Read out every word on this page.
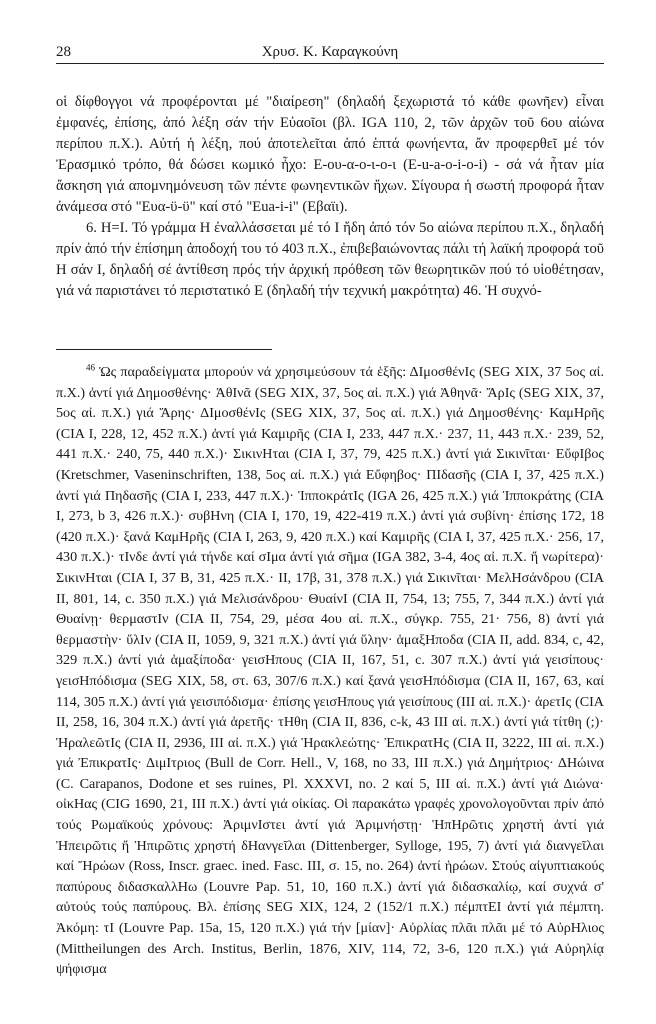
28	Χρυσ. Κ. Καραγκούνη

οἱ δίφθογγοι νά προφέρονται μέ "διαίρεση" (δηλαδή ξεχωριστά τό κάθε φωνῆεν) εἶναι ἐμφανές, ἐπίσης, ἀπό λέξη σάν τήν Εὐαοῖοι (βλ. IGA 110, 2, τῶν ἀρχῶν τοῦ 6ου αἰώνα περίπου π.Χ.). Αὐτή ἡ λέξη, πού ἀποτελεῖται ἀπό ἑπτά φωνήεντα, ἄν προφερθεῖ μέ τόν Ἐρασμικό τρόπο, θά δώσει κωμικό ἦχο: Ε-ου-α-ο-ι-ο-ι (E-u-a-o-i-o-i) - σά νά ἦταν μία ἄσκηση γιά απομνημόνευση τῶν πέντε φωνηεντικῶν ἤχων. Σίγουρα ἡ σωστή προφορά ἦταν ἀνάμεσα στό "Ευα-ϋ-ϋ" καί στό "Eua-i-i" (Εβαϊι).

6. H=I. Τό γράμμα Η ἐναλλάσσεται μέ τό Ι ἤδη ἀπό τόν 5ο αἰώνα περίπου π.Χ., δηλαδή πρίν ἀπό τήν ἐπίσημη ἀποδοχή του τό 403 π.Χ., ἐπιβεβαιώνοντας πάλι τή λαϊκή προφορά τοῦ Η σάν Ι, δηλαδή σέ ἀντίθεση πρός τήν ἀρχική πρόθεση τῶν θεωρητικῶν πού τό υἱοθέτησαν, γιά νά παριστάνει τό περιστατικό Ε (δηλαδή τήν τεχνική μακρότητα) 46. Ἡ συχνό-

$^{46}$ Ὡς παραδείγματα μπορούν νά χρησιμεύσουν τά ἑξῆς: ΔΙμοσθένΙς (SEG XIX, 37 5ος αἰ. π.Χ.) ἀντί γιά Δημοσθένης· ἈθΙνᾶ (SEG XIX, 37, 5ος αἰ. π.Χ.) γιά Ἀθηνᾶ· ἌρΙς (SEG XIX, 37, 5ος αἰ. π.Χ.) γιά Ἄρης· ΔΙμοσθένΙς (SEG XIX, 37, 5ος αἰ. π.Χ.) γιά Δημοσθένης· ΚαμΗρῆς (CIA I, 228, 12, 452 π.Χ.) ἀντί γιά Καμιρῆς (CIA I, 233, 447 π.Χ.· 237, 11, 443 π.Χ.· 239, 52, 441 π.Χ.· 240, 75, 440 π.Χ.)· ΣικινΗται (CIA I, 37, 79, 425 π.Χ.) ἀντί γιά Σικινῖται· ΕὔφΙβος (Kretschmer, Vaseninschriften, 138, 5ος αἰ. π.Χ.) γιά Εὔφηβος· ΠΙδασῆς (CIA I, 37, 425 π.Χ.) ἀντί γιά Πηδασῆς (CIA I, 233, 447 π.Χ.)· ἹπποκράτΙς (IGA 26, 425 π.Χ.) γιά Ἱπποκράτης (CIA I, 273, b 3, 426 π.Χ.)· συβΗνη (CIA I, 170, 19, 422-419 π.Χ.) ἀντί γιά συβίνη· ἐπίσης 172, 18 (420 π.Χ.)· ξανά ΚαμΗρῆς (CIA I, 263, 9, 420 π.Χ.) καί Καμιρῆς (CIA I, 37, 425 π.Χ.· 256, 17, 430 π.Χ.)· τΙνδε ἀντί γιά τήνδε καί σΙμα ἀντί γιά σῆμα (IGA 382, 3-4, 4ος αἰ. π.Χ. ἤ νωρίτερα)· ΣικινΗται (CIA I, 37 B, 31, 425 π.Χ.· II, 17β, 31, 378 π.Χ.) γιά Σικινῖται· ΜελΗσάνδρου (CIA II, 801, 14, c. 350 π.Χ.) γιά Μελισάνδρου· ΘυαίνΙ (CIA II, 754, 13; 755, 7, 344 π.Χ.) ἀντί γιά Θυαίνῃ· θερμαστΙν (CIA II, 754, 29, μέσα 4ου αἰ. π.Χ., σύγκρ. 755, 21· 756, 8) ἀντί γιά θερμαστὴν· ὕλΙν (CIA II, 1059, 9, 321 π.Χ.) ἀντί γιά ὕλην· ἁμαξΗποδα (CIA II, add. 834, c, 42, 329 π.Χ.) ἀντί γιά ἁμαξίποδα· γεισΗπους (CIA II, 167, 51, c. 307 π.Χ.) ἀντί γιά γεισίπους· γεισΗπόδισμα (SEG XIX, 58, στ. 63, 307/6 π.Χ.) καί ξανά γεισΗπόδισμα (CIA II, 167, 63, καί 114, 305 π.Χ.) ἀντί γιά γεισιπόδισμα· ἐπίσης γεισΗπους γιά γεισίπους (III αἰ. π.Χ.)· ἀρετΙς (CIA II, 258, 16, 304 π.Χ.) ἀντί γιά ἀρετῆς· τΗθη (CIA II, 836, c-k, 43 III αἰ. π.Χ.) ἀντί γιά τίτθη (;)· ἩραλεῶτΙς (CIA II, 2936, III αἰ. π.Χ.) γιά Ἡρακλεώτης· ἘπικρατΗς (CIA II, 3222, III αἰ. π.Χ.) γιά ἘπικρατΙς· ΔιμΙτριος (Bull de Corr. Hell., V, 168, no 33, III π.Χ.) γιά Δημήτριος· ΔΗώινα (C. Carapanos, Dodone et ses ruines, Pl. XXXVI, no. 2 καί 5, III αἰ. π.Χ.) ἀντί γιά Διώνα· οἰκΗας (CIG 1690, 21, III π.Χ.) ἀντί γιά οἰκίας. Οἱ παρακάτω γραφές χρονολογοῦνται πρίν ἀπό τούς Ρωμαϊκούς χρόνους: ἈριμνΙστει ἀντί γιά Ἀριμνήστῃ· ἩπΗρῶτις χρηστή ἀντί γιά Ἠπειρῶτις ἤ Ἡπιρῶτις χρηστή δΗανγεῖλαι (Dittenberger, Sylloge, 195, 7) ἀντί γιά διανγεῖλαι καί Ἤρώων (Ross, Inscr. graec. ined. Fasc. III, σ. 15, no. 264) ἀντί ἡρώων. Στούς αἰγυπτιακούς παπύρους διδασκαλλΗω (Louvre Pap. 51, 10, 160 π.Χ.) ἀντί γιά διδασκαλίῳ, καί συχνά σ' αὐτούς τούς παπύρους. Βλ. ἐπίσης SEG XIX, 124, 2 (152/1 π.Χ.) πέμπτΕΙ ἀντί γιά πέμπτη. Ἀκόμη: τΙ (Louvre Pap. 15a, 15, 120 π.Χ.) γιά τήν [μίαν]· Αὐρλίας πλᾶι πλᾶι μέ τό ΑὐρΗλιος (Mittheilungen des Arch. Institus, Berlin, 1876, XIV, 114, 72, 3-6, 120 π.Χ.) γιά Αὐρηλίᾳ ψήφισμα
